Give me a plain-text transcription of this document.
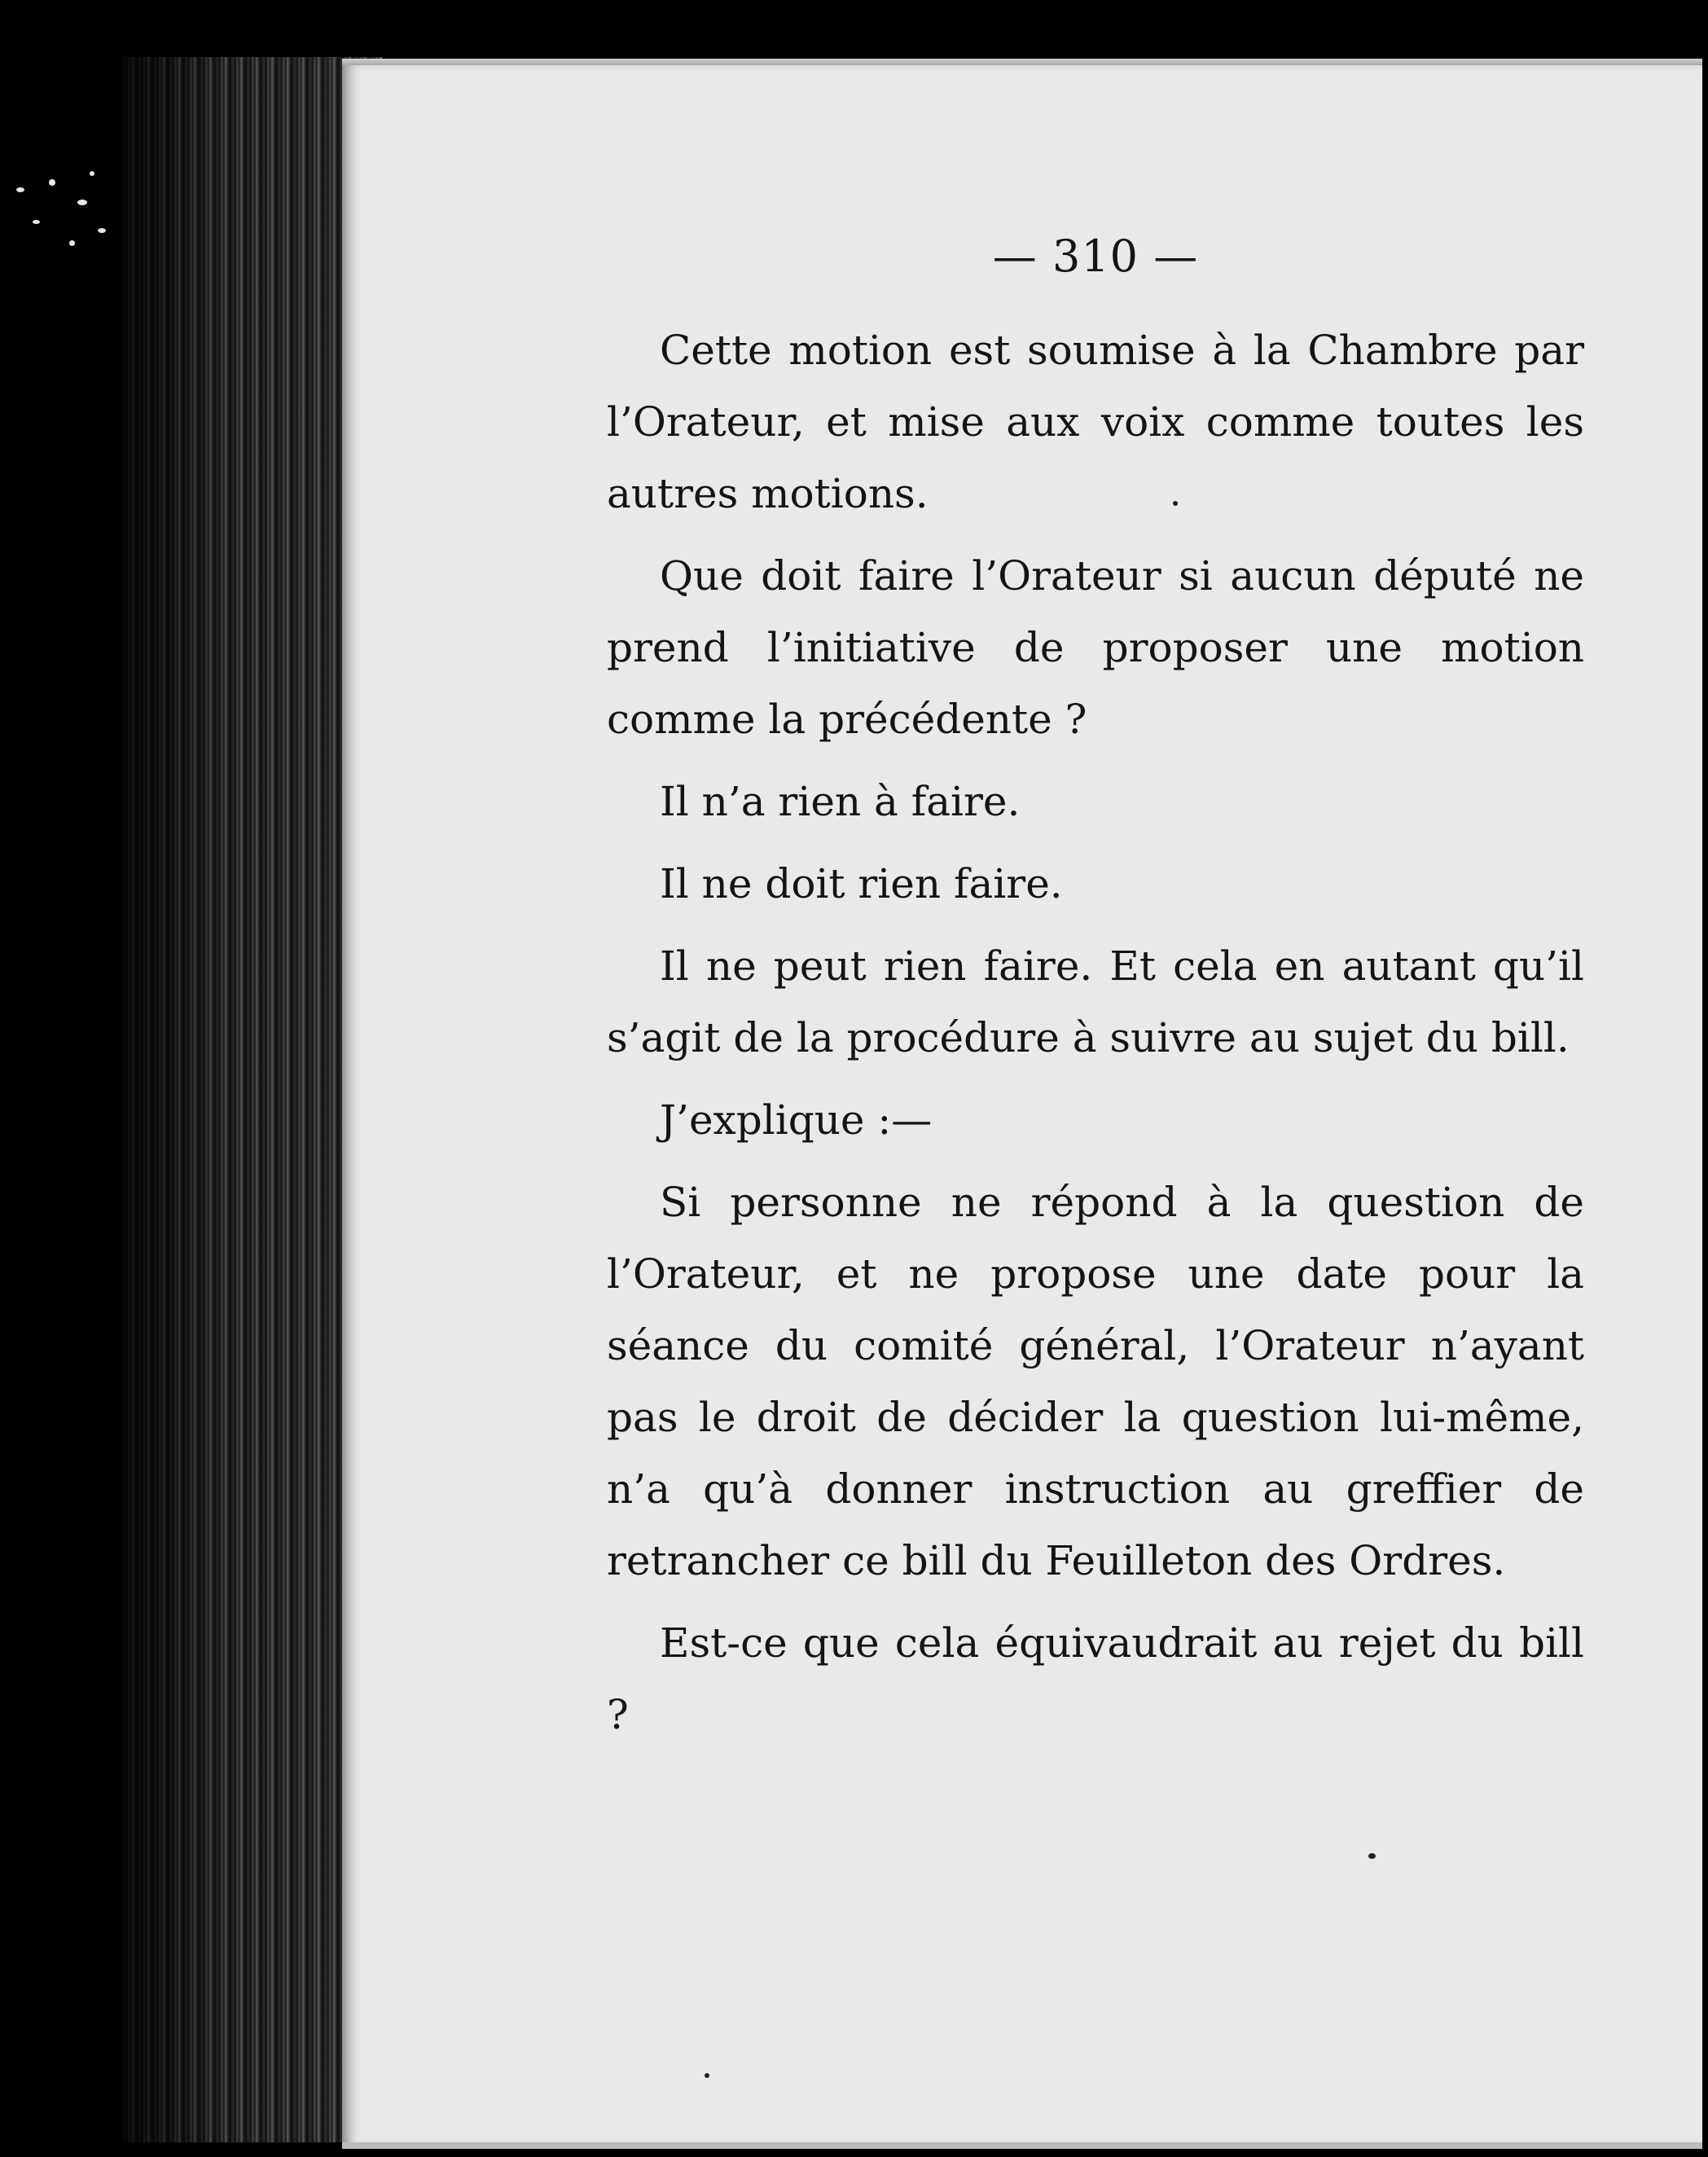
— 310 —

Cette motion est soumise à la Chambre par l’Orateur, et mise aux voix comme toutes les autres motions.

Que doit faire l’Orateur si aucun député ne prend l’initiative de proposer une motion comme la précédente ?

Il n’a rien à faire.

Il ne doit rien faire.

Il ne peut rien faire. Et cela en autant qu’il s’agit de la procédure à suivre au sujet du bill.

J’explique :—

Si personne ne répond à la question de l’Orateur, et ne propose une date pour la séance du comité général, l’Orateur n’ayant pas le droit de décider la question lui-même, n’a qu’à donner instruction au greffier de retrancher ce bill du Feuilleton des Ordres.

Est-ce que cela équivaudrait au rejet du bill ?
